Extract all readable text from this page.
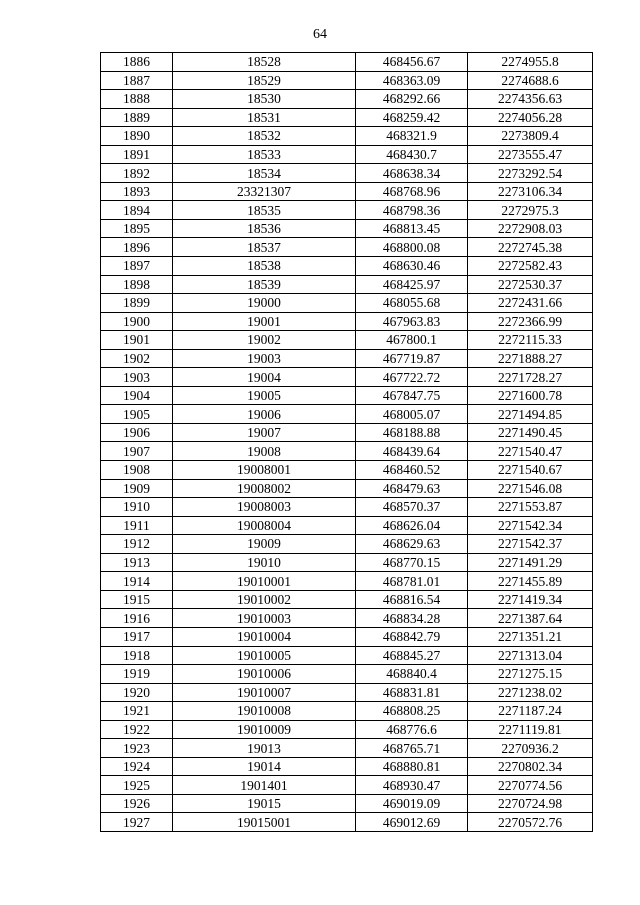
64
1886	18528	468456.67	2274955.8
1887	18529	468363.09	2274688.6
1888	18530	468292.66	2274356.63
1889	18531	468259.42	2274056.28
1890	18532	468321.9	2273809.4
1891	18533	468430.7	2273555.47
1892	18534	468638.34	2273292.54
1893	23321307	468768.96	2273106.34
1894	18535	468798.36	2272975.3
1895	18536	468813.45	2272908.03
1896	18537	468800.08	2272745.38
1897	18538	468630.46	2272582.43
1898	18539	468425.97	2272530.37
1899	19000	468055.68	2272431.66
1900	19001	467963.83	2272366.99
1901	19002	467800.1	2272115.33
1902	19003	467719.87	2271888.27
1903	19004	467722.72	2271728.27
1904	19005	467847.75	2271600.78
1905	19006	468005.07	2271494.85
1906	19007	468188.88	2271490.45
1907	19008	468439.64	2271540.47
1908	19008001	468460.52	2271540.67
1909	19008002	468479.63	2271546.08
1910	19008003	468570.37	2271553.87
1911	19008004	468626.04	2271542.34
1912	19009	468629.63	2271542.37
1913	19010	468770.15	2271491.29
1914	19010001	468781.01	2271455.89
1915	19010002	468816.54	2271419.34
1916	19010003	468834.28	2271387.64
1917	19010004	468842.79	2271351.21
1918	19010005	468845.27	2271313.04
1919	19010006	468840.4	2271275.15
1920	19010007	468831.81	2271238.02
1921	19010008	468808.25	2271187.24
1922	19010009	468776.6	2271119.81
1923	19013	468765.71	2270936.2
1924	19014	468880.81	2270802.34
1925	1901401	468930.47	2270774.56
1926	19015	469019.09	2270724.98
1927	19015001	469012.69	2270572.76
